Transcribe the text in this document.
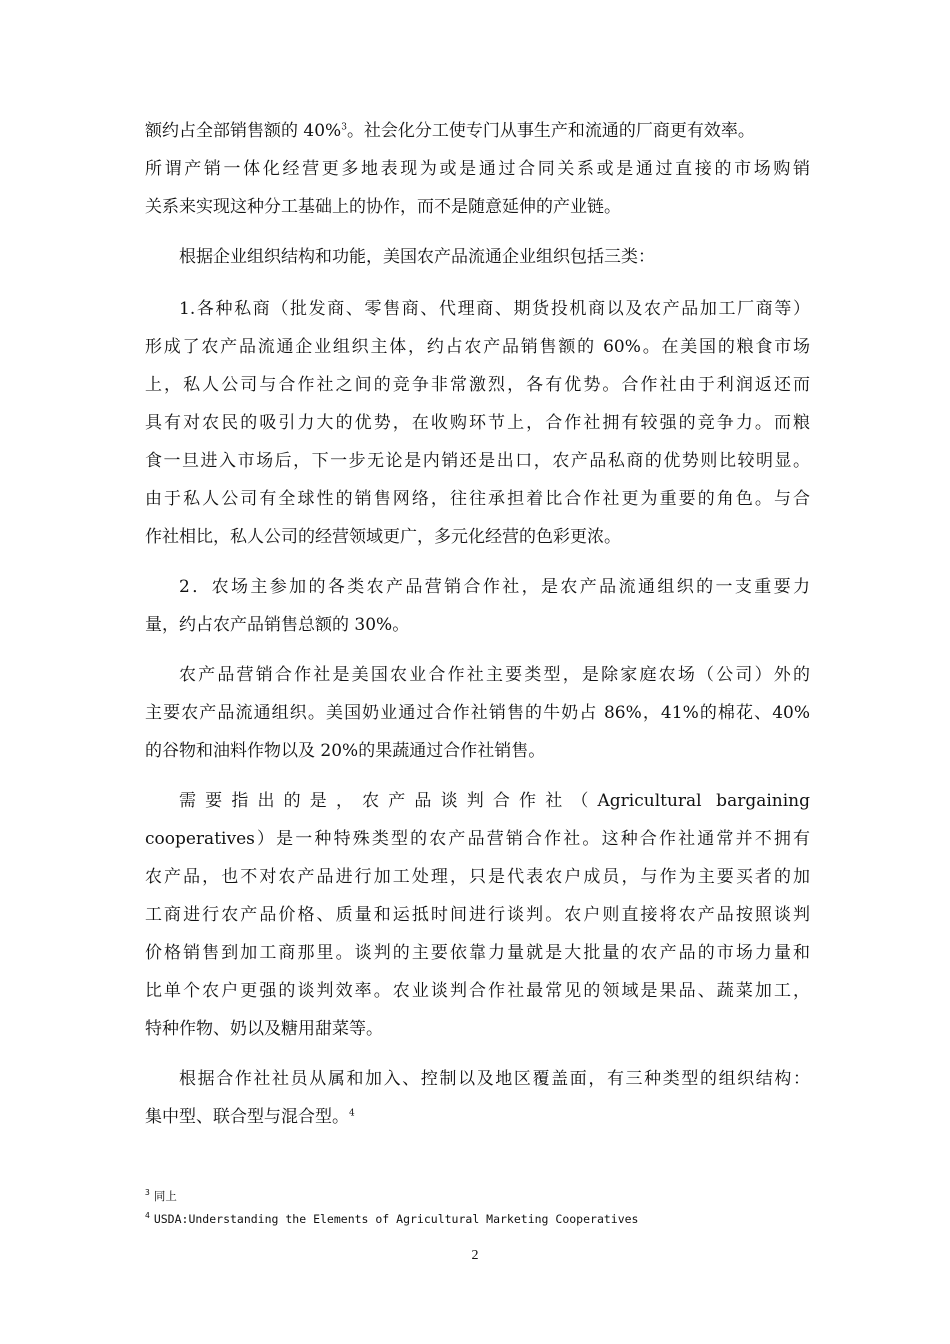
额约占全部销售额的 40%$^3$。社会化分工使专门从事生产和流通的厂商更有效率。
所谓产销一体化经营更多地表现为或是通过合同关系或是通过直接的市场购销
关系来实现这种分工基础上的协作，而不是随意延伸的产业链。
根据企业组织结构和功能，美国农产品流通企业组织包括三类：
1.各种私商（批发商、零售商、代理商、期货投机商以及农产品加工厂商等）
形成了农产品流通企业组织主体，约占农产品销售额的 60%。在美国的粮食市场
上，私人公司与合作社之间的竞争非常激烈，各有优势。合作社由于利润返还而
具有对农民的吸引力大的优势，在收购环节上，合作社拥有较强的竞争力。而粮
食一旦进入市场后，下一步无论是内销还是出口，农产品私商的优势则比较明显。
由于私人公司有全球性的销售网络，往往承担着比合作社更为重要的角色。与合
作社相比，私人公司的经营领域更广，多元化经营的色彩更浓。
2．农场主参加的各类农产品营销合作社，是农产品流通组织的一支重要力
量，约占农产品销售总额的 30%。
农产品营销合作社是美国农业合作社主要类型，是除家庭农场（公司）外的
主要农产品流通组织。美国奶业通过合作社销售的牛奶占 86%，41%的棉花、40%
的谷物和油料作物以及 20%的果蔬通过合作社销售。
需要指出的是，农产品谈判合作社（Agricultural bargaining
cooperatives）是一种特殊类型的农产品营销合作社。这种合作社通常并不拥有
农产品，也不对农产品进行加工处理，只是代表农户成员，与作为主要买者的加
工商进行农产品价格、质量和运抵时间进行谈判。农户则直接将农产品按照谈判
价格销售到加工商那里。谈判的主要依靠力量就是大批量的农产品的市场力量和
比单个农户更强的谈判效率。农业谈判合作社最常见的领域是果品、蔬菜加工，
特种作物、奶以及糖用甜菜等。
根据合作社社员从属和加入、控制以及地区覆盖面，有三种类型的组织结构：
集中型、联合型与混合型。$^4$
$^3$ 同上
$^4$ USDA:Understanding the Elements of Agricultural Marketing Cooperatives
2
